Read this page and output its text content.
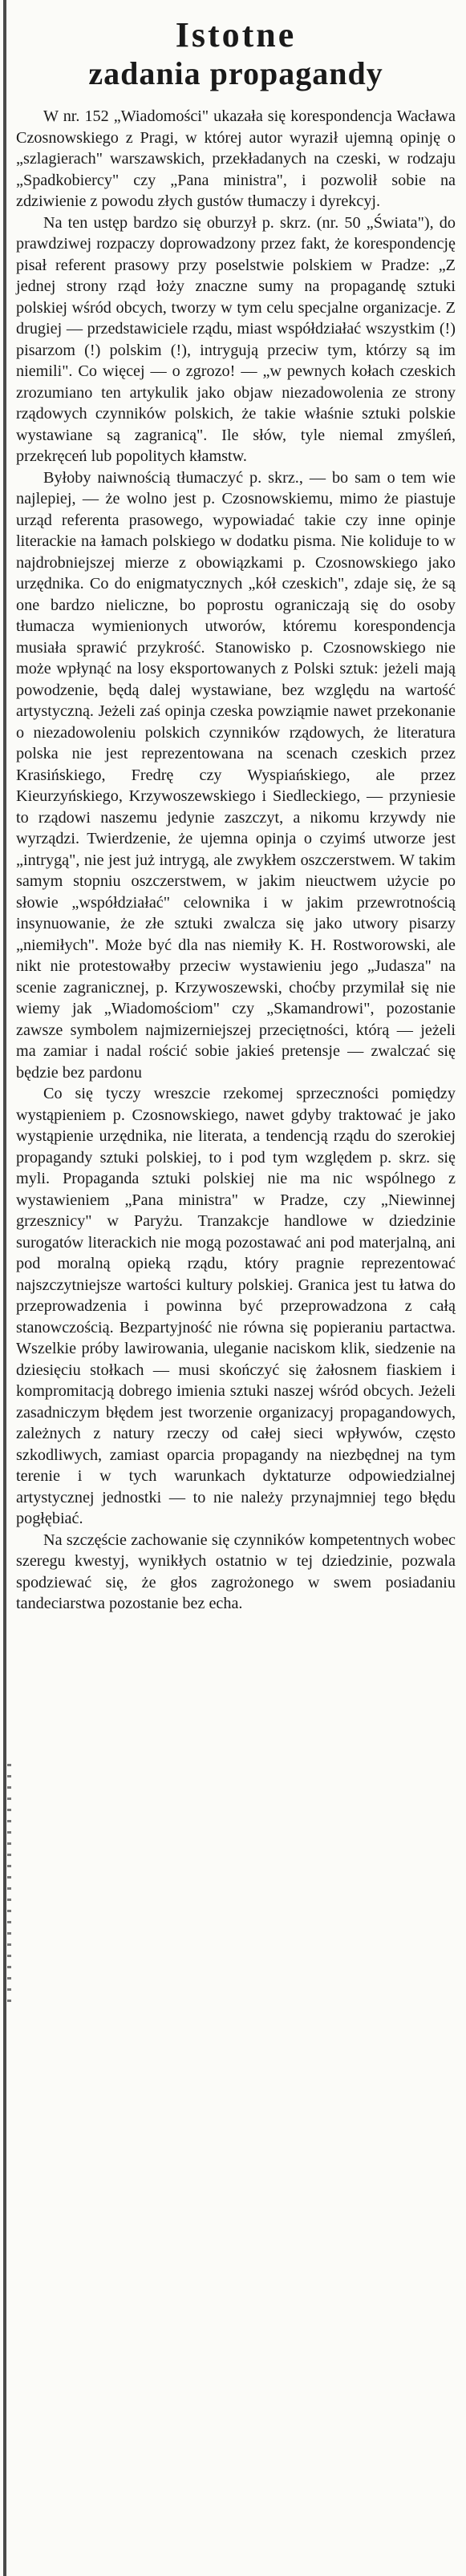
Istotne
zadania propagandy

W nr. 152 „Wiadomości" ukazała się korespondencja Wacława Czosnowskiego z Pragi, w której autor wyraził ujemną opinję o „szlagierach" warszawskich, przekładanych na czeski, w rodzaju „Spadkobiercy" czy „Pana ministra", i pozwolił sobie na zdziwienie z powodu złych gustów tłumaczy i dyrekcyj.

Na ten ustęp bardzo się oburzył p. skrz. (nr. 50 „Świata"), do prawdziwej rozpaczy doprowadzony przez fakt, że korespondencję pisał referent prasowy przy poselstwie polskiem w Pradze: „Z jednej strony rząd łoży znaczne sumy na propagandę sztuki polskiej wśród obcych, tworzy w tym celu specjalne organizacje. Z drugiej — przedstawiciele rządu, miast współdziałać wszystkim (!) pisarzom (!) polskim (!), intrygują przeciw tym, którzy są im niemili". Co więcej — o zgrozo! — „w pewnych kołach czeskich zrozumiano ten artykulik jako objaw niezadowolenia ze strony rządowych czynników polskich, że takie właśnie sztuki polskie wystawiane są zagranicą". Ile słów, tyle niemal zmyśleń, przekręceń lub popolitych kłamstw.

Byłoby naiwnością tłumaczyć p. skrz., — bo sam o tem wie najlepiej, — że wolno jest p. Czosnowskiemu, mimo że piastuje urząd referenta prasowego, wypowiadać takie czy inne opinje literackie na łamach polskiego w dodatku pisma. Nie koliduje to w najdrobniejszej mierze z obowiązkami p. Czosnowskiego jako urzędnika. Co do enigmatycznych „kół czeskich", zdaje się, że są one bardzo nieliczne, bo poprostu ograniczają się do osoby tłumacza wymienionych utworów, któremu korespondencja musiała sprawić przykrość. Stanowisko p. Czosnowskiego nie może wpłynąć na losy eksportowanych z Polski sztuk: jeżeli mają powodzenie, będą dalej wystawiane, bez względu na wartość artystyczną. Jeżeli zaś opinja czeska powziąmie nawet przekonanie o niezadowoleniu polskich czynników rządowych, że literatura polska nie jest reprezentowana na scenach czeskich przez Krasińskiego, Fredrę czy Wyspiańskiego, ale przez Kieurzyńskiego, Krzywoszewskiego i Siedleckiego, — przyniesie to rządowi naszemu jedynie zaszczyt, a nikomu krzywdy nie wyrządzi. Twierdzenie, że ujemna opinja o czyimś utworze jest „intrygą", nie jest już intrygą, ale zwykłem oszczerstwem. W takim samym stopniu oszczerstwem, w jakim nieuctwem użycie po słowie „współdziałać" celownika i w jakim przewrotnością insynuowanie, że złe sztuki zwalcza się jako utwory pisarzy „niemiłych". Może być dla nas niemiły K. H. Rostworowski, ale nikt nie protestowałby przeciw wystawieniu jego „Judasza" na scenie zagranicznej, p. Krzywoszewski, choćby przymilał się nie wiemy jak „Wiadomościom" czy „Skamandrowi", pozostanie zawsze symbolem najmizerniejszej przeciętności, którą — jeżeli ma zamiar i nadal rościć sobie jakieś pretensje — zwalczać się będzie bez pardonu

Co się tyczy wreszcie rzekomej sprzeczności pomiędzy wystąpieniem p. Czosnowskiego, nawet gdyby traktować je jako wystąpienie urzędnika, nie literata, a tendencją rządu do szerokiej propagandy sztuki polskiej, to i pod tym względem p. skrz. się myli. Propaganda sztuki polskiej nie ma nic wspólnego z wystawieniem „Pana ministra" w Pradze, czy „Niewinnej grzesznicy" w Paryżu. Tranzakcje handlowe w dziedzinie surogatów literackich nie mogą pozostawać ani pod materjalną, ani pod moralną opieką rządu, który pragnie reprezentować najszczytniejsze wartości kultury polskiej. Granica jest tu łatwa do przeprowadzenia i powinna być przeprowadzona z całą stanowczością. Bezpartyjność nie równa się popieraniu partactwa. Wszelkie próby lawirowania, uleganie naciskom klik, siedzenie na dziesięciu stołkach — musi skończyć się żałosnem fiaskiem i kompromitacją dobrego imienia sztuki naszej wśród obcych. Jeżeli zasadniczym błędem jest tworzenie organizacyj propagandowych, zależnych z natury rzeczy od całej sieci wpływów, często szkodliwych, zamiast oparcia propagandy na niezbędnej na tym terenie i w tych warunkach dyktaturze odpowiedzialnej artystycznej jednostki — to nie należy przynajmniej tego błędu pogłębiać.

Na szczęście zachowanie się czynników kompetentnych wobec szeregu kwestyj, wynikłych ostatnio w tej dziedzinie, pozwala spodziewać się, że głos zagrożonego w swem posiadaniu tandeciarstwa pozostanie bez echa.
